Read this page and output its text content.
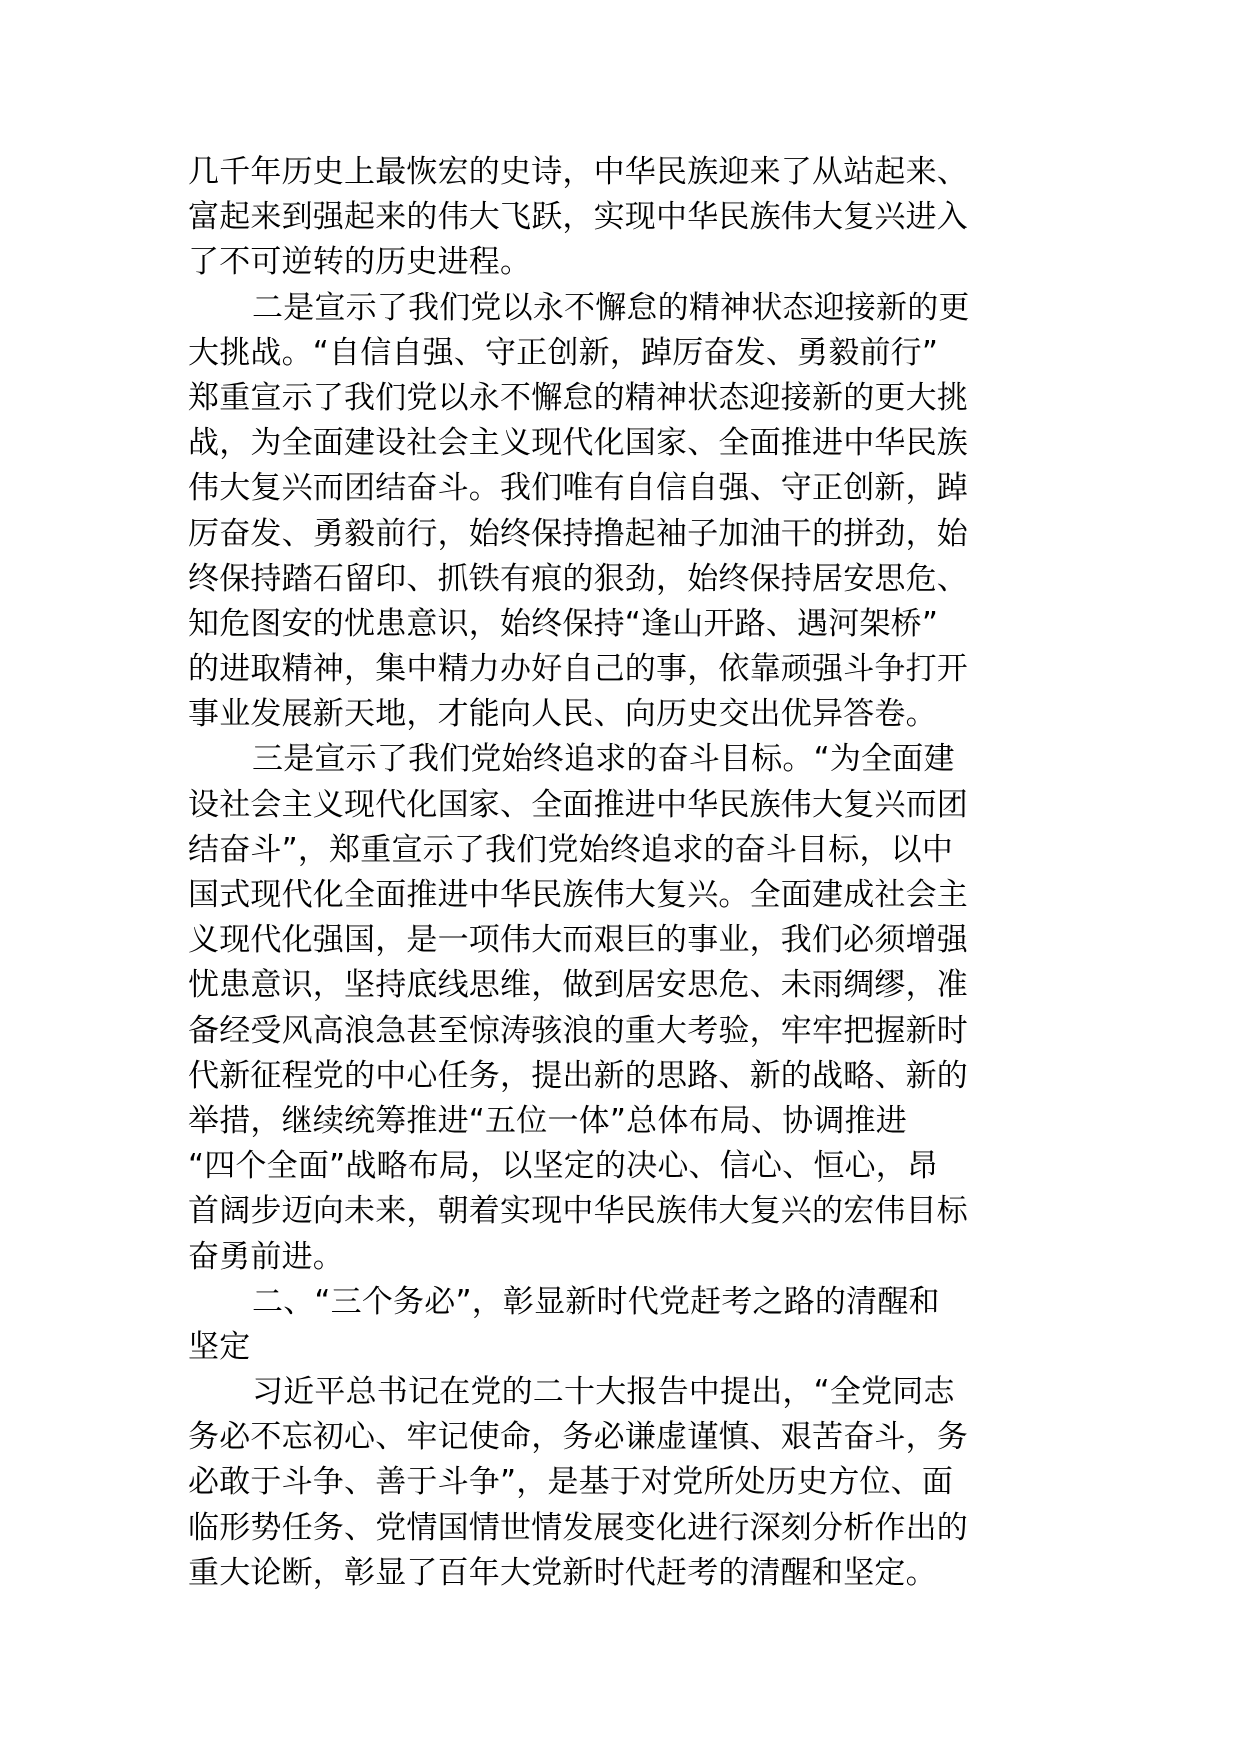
几千年历史上最恢宏的史诗，中华民族迎来了从站起来、
富起来到强起来的伟大飞跃，实现中华民族伟大复兴进入
了不可逆转的历史进程。
二是宣示了我们党以永不懈怠的精神状态迎接新的更
大挑战。“自信自强、守正创新，踔厉奋发、勇毅前行”
郑重宣示了我们党以永不懈怠的精神状态迎接新的更大挑
战，为全面建设社会主义现代化国家、全面推进中华民族
伟大复兴而团结奋斗。我们唯有自信自强、守正创新，踔
厉奋发、勇毅前行，始终保持撸起袖子加油干的拼劲，始
终保持踏石留印、抓铁有痕的狠劲，始终保持居安思危、
知危图安的忧患意识，始终保持“逢山开路、遇河架桥”
的进取精神，集中精力办好自己的事，依靠顽强斗争打开
事业发展新天地，才能向人民、向历史交出优异答卷。
三是宣示了我们党始终追求的奋斗目标。“为全面建
设社会主义现代化国家、全面推进中华民族伟大复兴而团
结奋斗”，郑重宣示了我们党始终追求的奋斗目标，以中
国式现代化全面推进中华民族伟大复兴。全面建成社会主
义现代化强国，是一项伟大而艰巨的事业，我们必须增强
忧患意识，坚持底线思维，做到居安思危、未雨绸缪，准
备经受风高浪急甚至惊涛骇浪的重大考验，牢牢把握新时
代新征程党的中心任务，提出新的思路、新的战略、新的
举措，继续统筹推进“五位一体”总体布局、协调推进
“四个全面”战略布局，以坚定的决心、信心、恒心，昂
首阔步迈向未来，朝着实现中华民族伟大复兴的宏伟目标
奋勇前进。
二、“三个务必”，彰显新时代党赶考之路的清醒和
坚定
习近平总书记在党的二十大报告中提出，“全党同志
务必不忘初心、牢记使命，务必谦虚谨慎、艰苦奋斗，务
必敢于斗争、善于斗争”，是基于对党所处历史方位、面
临形势任务、党情国情世情发展变化进行深刻分析作出的
重大论断，彰显了百年大党新时代赶考的清醒和坚定。
